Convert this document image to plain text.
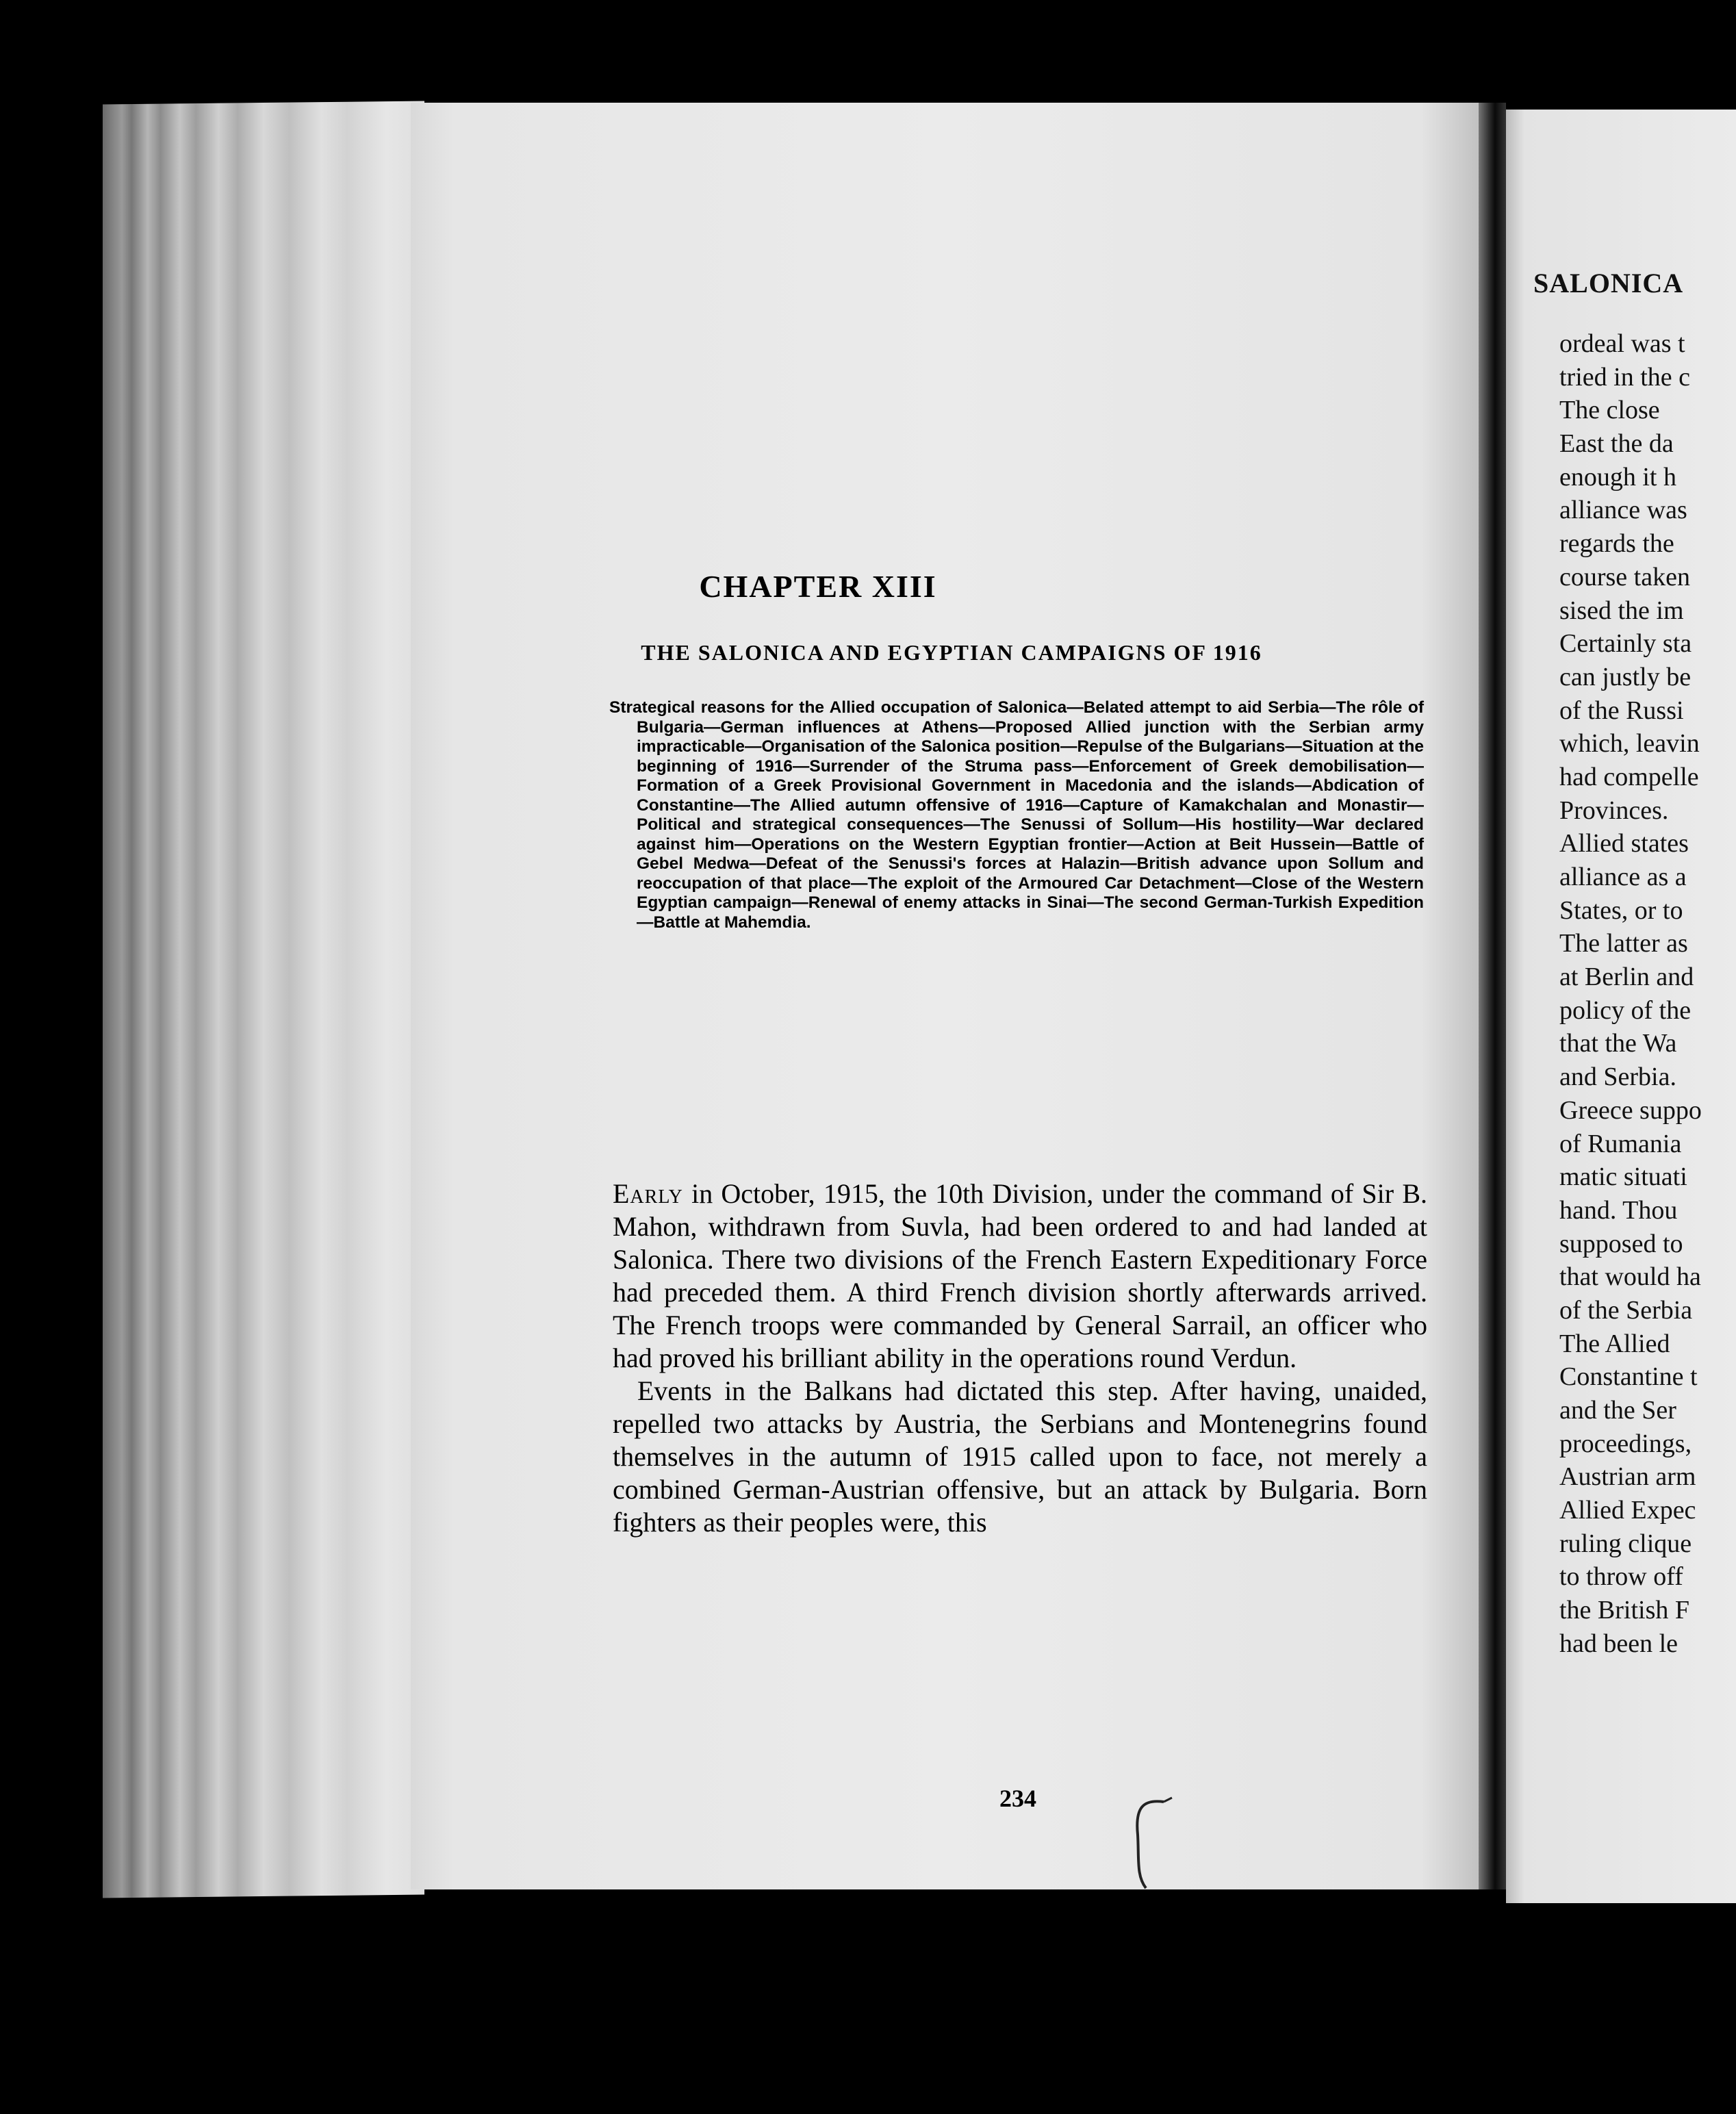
CHAPTER XIII
THE SALONICA AND EGYPTIAN CAMPAIGNS OF 1916
Strategical reasons for the Allied occupation of Salonica—Belated attempt to aid Serbia—The rôle of Bulgaria—German influences at Athens—Proposed Allied junction with the Serbian army impracticable—Organisation of the Salonica position—Repulse of the Bulgarians—Situation at the beginning of 1916—Surrender of the Struma pass—Enforcement of Greek demobilisation—Formation of a Greek Provisional Government in Macedonia and the islands—Abdication of Constantine—The Allied autumn offensive of 1916—Capture of Kamakchalan and Monastir—Political and strategical consequences—The Senussi of Sollum—His hostility—War declared against him—Operations on the Western Egyptian frontier—Action at Beit Hussein—Battle of Gebel Medwa—Defeat of the Senussi's forces at Halazin—British advance upon Sollum and reoccupation of that place—The exploit of the Armoured Car Detachment—Close of the Western Egyptian campaign—Renewal of enemy attacks in Sinai—The second German-Turkish Expedition—Battle at Mahemdia.

Early in October, 1915, the 10th Division, under the command of Sir B. Mahon, withdrawn from Suvla, had been ordered to and had landed at Salonica. There two divisions of the French Eastern Expeditionary Force had preceded them. A third French division shortly afterwards arrived. The French troops were commanded by General Sarrail, an officer who had proved his brilliant ability in the operations round Verdun.

Events in the Balkans had dictated this step. After having, unaided, repelled two attacks by Austria, the Serbians and Montenegrins found themselves in the autumn of 1915 called upon to face, not merely a combined German-Austrian offensive, but an attack by Bulgaria. Born fighters as their peoples were, this

234
SALONICA
ordeal was t
tried in the c
The close
East the da
enough it h
alliance was
regards the
course taken
sised the im
Certainly sta
can justly be
of the Russi
which, leavin
had compelle
Provinces.
Allied states
alliance as a
States, or to
The latter as
at Berlin and
policy of the
that the Wa
and Serbia.
Greece suppo
of Rumania
matic situati
hand. Thou
supposed to
that would ha
of the Serbia
The Allied
Constantine t
and the Ser
proceedings,
Austrian arm
Allied Expec
ruling clique
to throw off
the British F
had been le
